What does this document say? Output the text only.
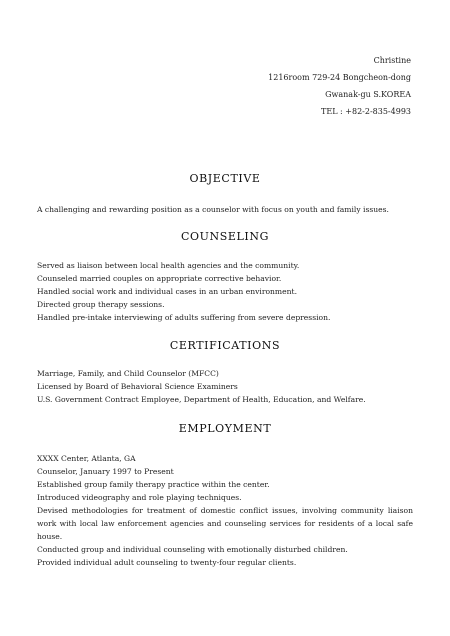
Christine
1216room 729-24 Bongcheon-dong
Gwanak-gu S.KOREA
TEL : +82-2-835-4993
OBJECTIVE
A challenging and rewarding position as a counselor with focus on youth and family issues.
COUNSELING
Served as liaison between local health agencies and the community.
Counseled married couples on appropriate corrective behavior.
Handled social work and individual cases in an urban environment.
Directed group therapy sessions.
Handled pre-intake interviewing of adults suffering from severe depression.
CERTIFICATIONS
Marriage, Family, and Child Counselor (MFCC)
Licensed by Board of Behavioral Science Examiners
U.S. Government Contract Employee, Department of Health, Education, and Welfare.
EMPLOYMENT
XXXX Center, Atlanta, GA
Counselor, January 1997 to Present
Established group family therapy practice within the center.
Introduced videography and role playing techniques.
Devised methodologies for treatment of domestic conflict issues, involving community liaison work with local law enforcement agencies and counseling services for residents of a local safe house.
Conducted group and individual counseling with emotionally disturbed children.
Provided individual adult counseling to twenty-four regular clients.
